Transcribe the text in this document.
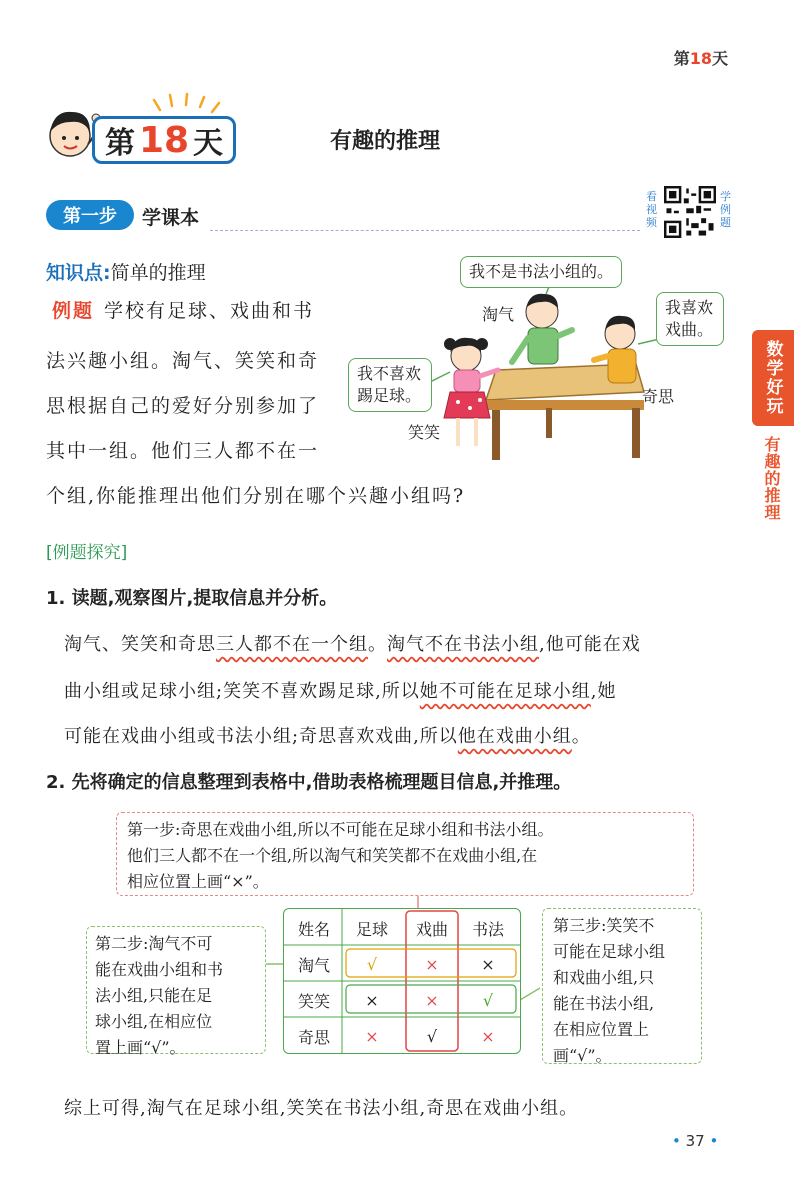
第18天
第 18 天	有趣的推理
第一步	学课本
看视频
学例题
知识点:简单的推理
例题 学校有足球、戏曲和书
法兴趣小组。淘气、笑笑和奇
思根据自己的爱好分别参加了
其中一组。他们三人都不在一
个组,你能推理出他们分别在哪个兴趣小组吗?
我不是书法小组的。
我喜欢戏曲。
我不喜欢踢足球。
淘气
奇思
笑笑
[例题探究]
1. 读题,观察图片,提取信息并分析。
淘气、笑笑和奇思三人都不在一个组。淘气不在书法小组,他可能在戏
曲小组或足球小组;笑笑不喜欢踢足球,所以她不可能在足球小组,她
可能在戏曲小组或书法小组;奇思喜欢戏曲,所以他在戏曲小组。
2. 先将确定的信息整理到表格中,借助表格梳理题目信息,并推理。
第一步:奇思在戏曲小组,所以不可能在足球小组和书法小组。
他们三人都不在一个组,所以淘气和笑笑都不在戏曲小组,在
相应位置上画“×”。
第二步:淘气不可
能在戏曲小组和书
法小组,只能在足
球小组,在相应位
置上画“√”。
姓名	足球	戏曲	书法
淘气	√	×	×
笑笑	×	×	√
奇思	×	√	×
第三步:笑笑不
可能在足球小组
和戏曲小组,只
能在书法小组,
在相应位置上
画“√”。
综上可得,淘气在足球小组,笑笑在书法小组,奇思在戏曲小组。
• 37 •
数学好玩
有趣的推理
